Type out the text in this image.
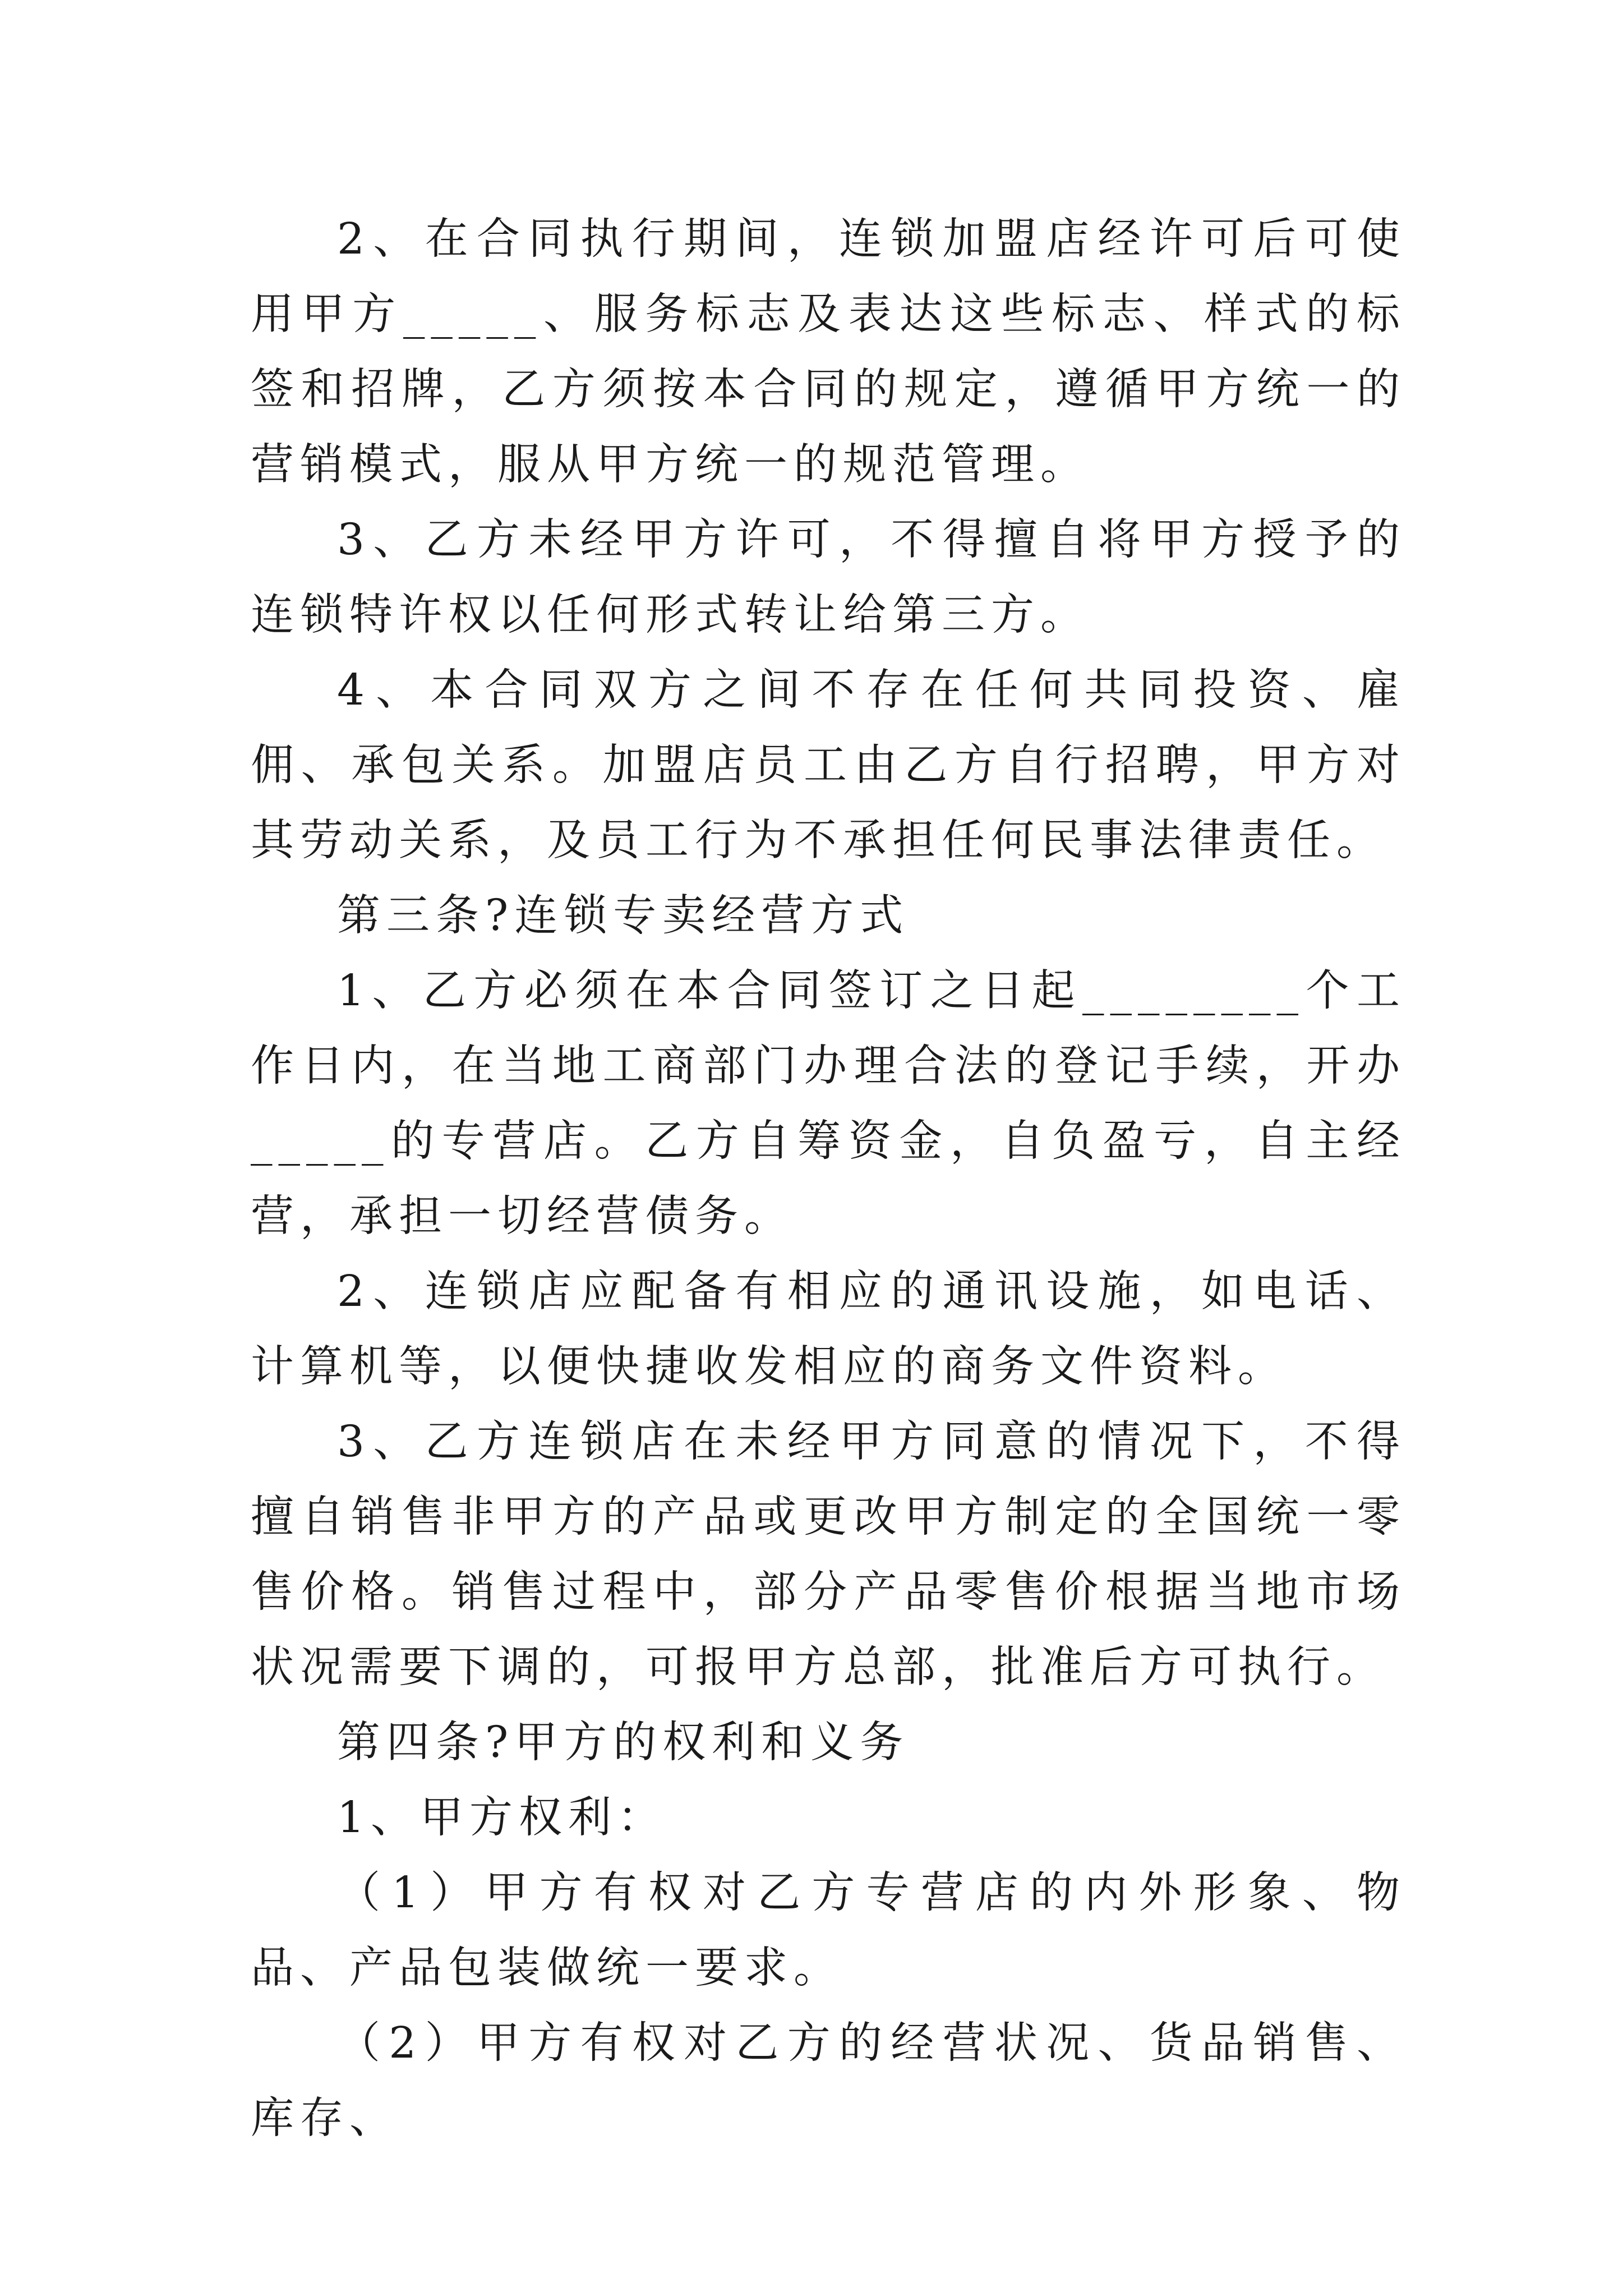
2、在合同执行期间，连锁加盟店经许可后可使用甲方_____、服务标志及表达这些标志、样式的标签和招牌，乙方须按本合同的规定，遵循甲方统一的营销模式，服从甲方统一的规范管理。

3、乙方未经甲方许可，不得擅自将甲方授予的连锁特许权以任何形式转让给第三方。

4、本合同双方之间不存在任何共同投资、雇佣、承包关系。加盟店员工由乙方自行招聘，甲方对其劳动关系，及员工行为不承担任何民事法律责任。

第三条?连锁专卖经营方式

1、乙方必须在本合同签订之日起________个工作日内，在当地工商部门办理合法的登记手续，开办_____的专营店。乙方自筹资金，自负盈亏，自主经营，承担一切经营债务。

2、连锁店应配备有相应的通讯设施，如电话、计算机等，以便快捷收发相应的商务文件资料。

3、乙方连锁店在未经甲方同意的情况下，不得擅自销售非甲方的产品或更改甲方制定的全国统一零售价格。销售过程中，部分产品零售价根据当地市场状况需要下调的，可报甲方总部，批准后方可执行。

第四条?甲方的权利和义务

1、甲方权利：

（1）甲方有权对乙方专营店的内外形象、物品、产品包装做统一要求。

（2）甲方有权对乙方的经营状况、货品销售、库存、
